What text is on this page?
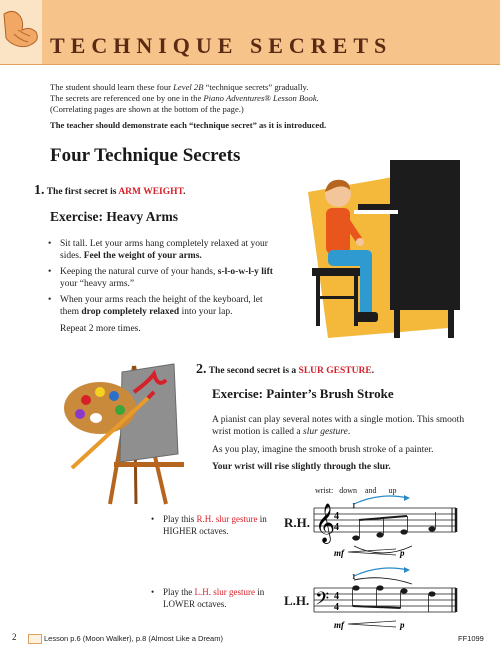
TECHNIQUE SECRETS
The student should learn these four Level 2B “technique secrets” gradually.
The secrets are referenced one by one in the Piano Adventures® Lesson Book.
(Correlating pages are shown at the bottom of the page.)
The teacher should demonstrate each “technique secret” as it is introduced.
Four Technique Secrets
1. The first secret is ARM WEIGHT.
Exercise: Heavy Arms
• Sit tall. Let your arms hang completely relaxed at your sides. Feel the weight of your arms.
• Keeping the natural curve of your hands, s-l-o-w-l-y lift your “heavy arms.”
• When your arms reach the height of the keyboard, let them drop completely relaxed into your lap.
Repeat 2 more times.
2. The second secret is a SLUR GESTURE.
Exercise: Painter’s Brush Stroke
A pianist can play several notes with a single motion. This smooth wrist motion is called a slur gesture.
As you play, imagine the smooth brush stroke of a painter.
Your wrist will rise slightly through the slur.
wrist:   down    and      up
• Play this R.H. slur gesture in HIGHER octaves.
• Play the L.H. slur gesture in LOWER octaves.
R.H.
L.H.
𝄞
4
4
1
mf	p
𝄢 4
4
1
mf	p
2	Lesson p.6 (Moon Walker), p.8 (Almost Like a Dream)	FF1099
